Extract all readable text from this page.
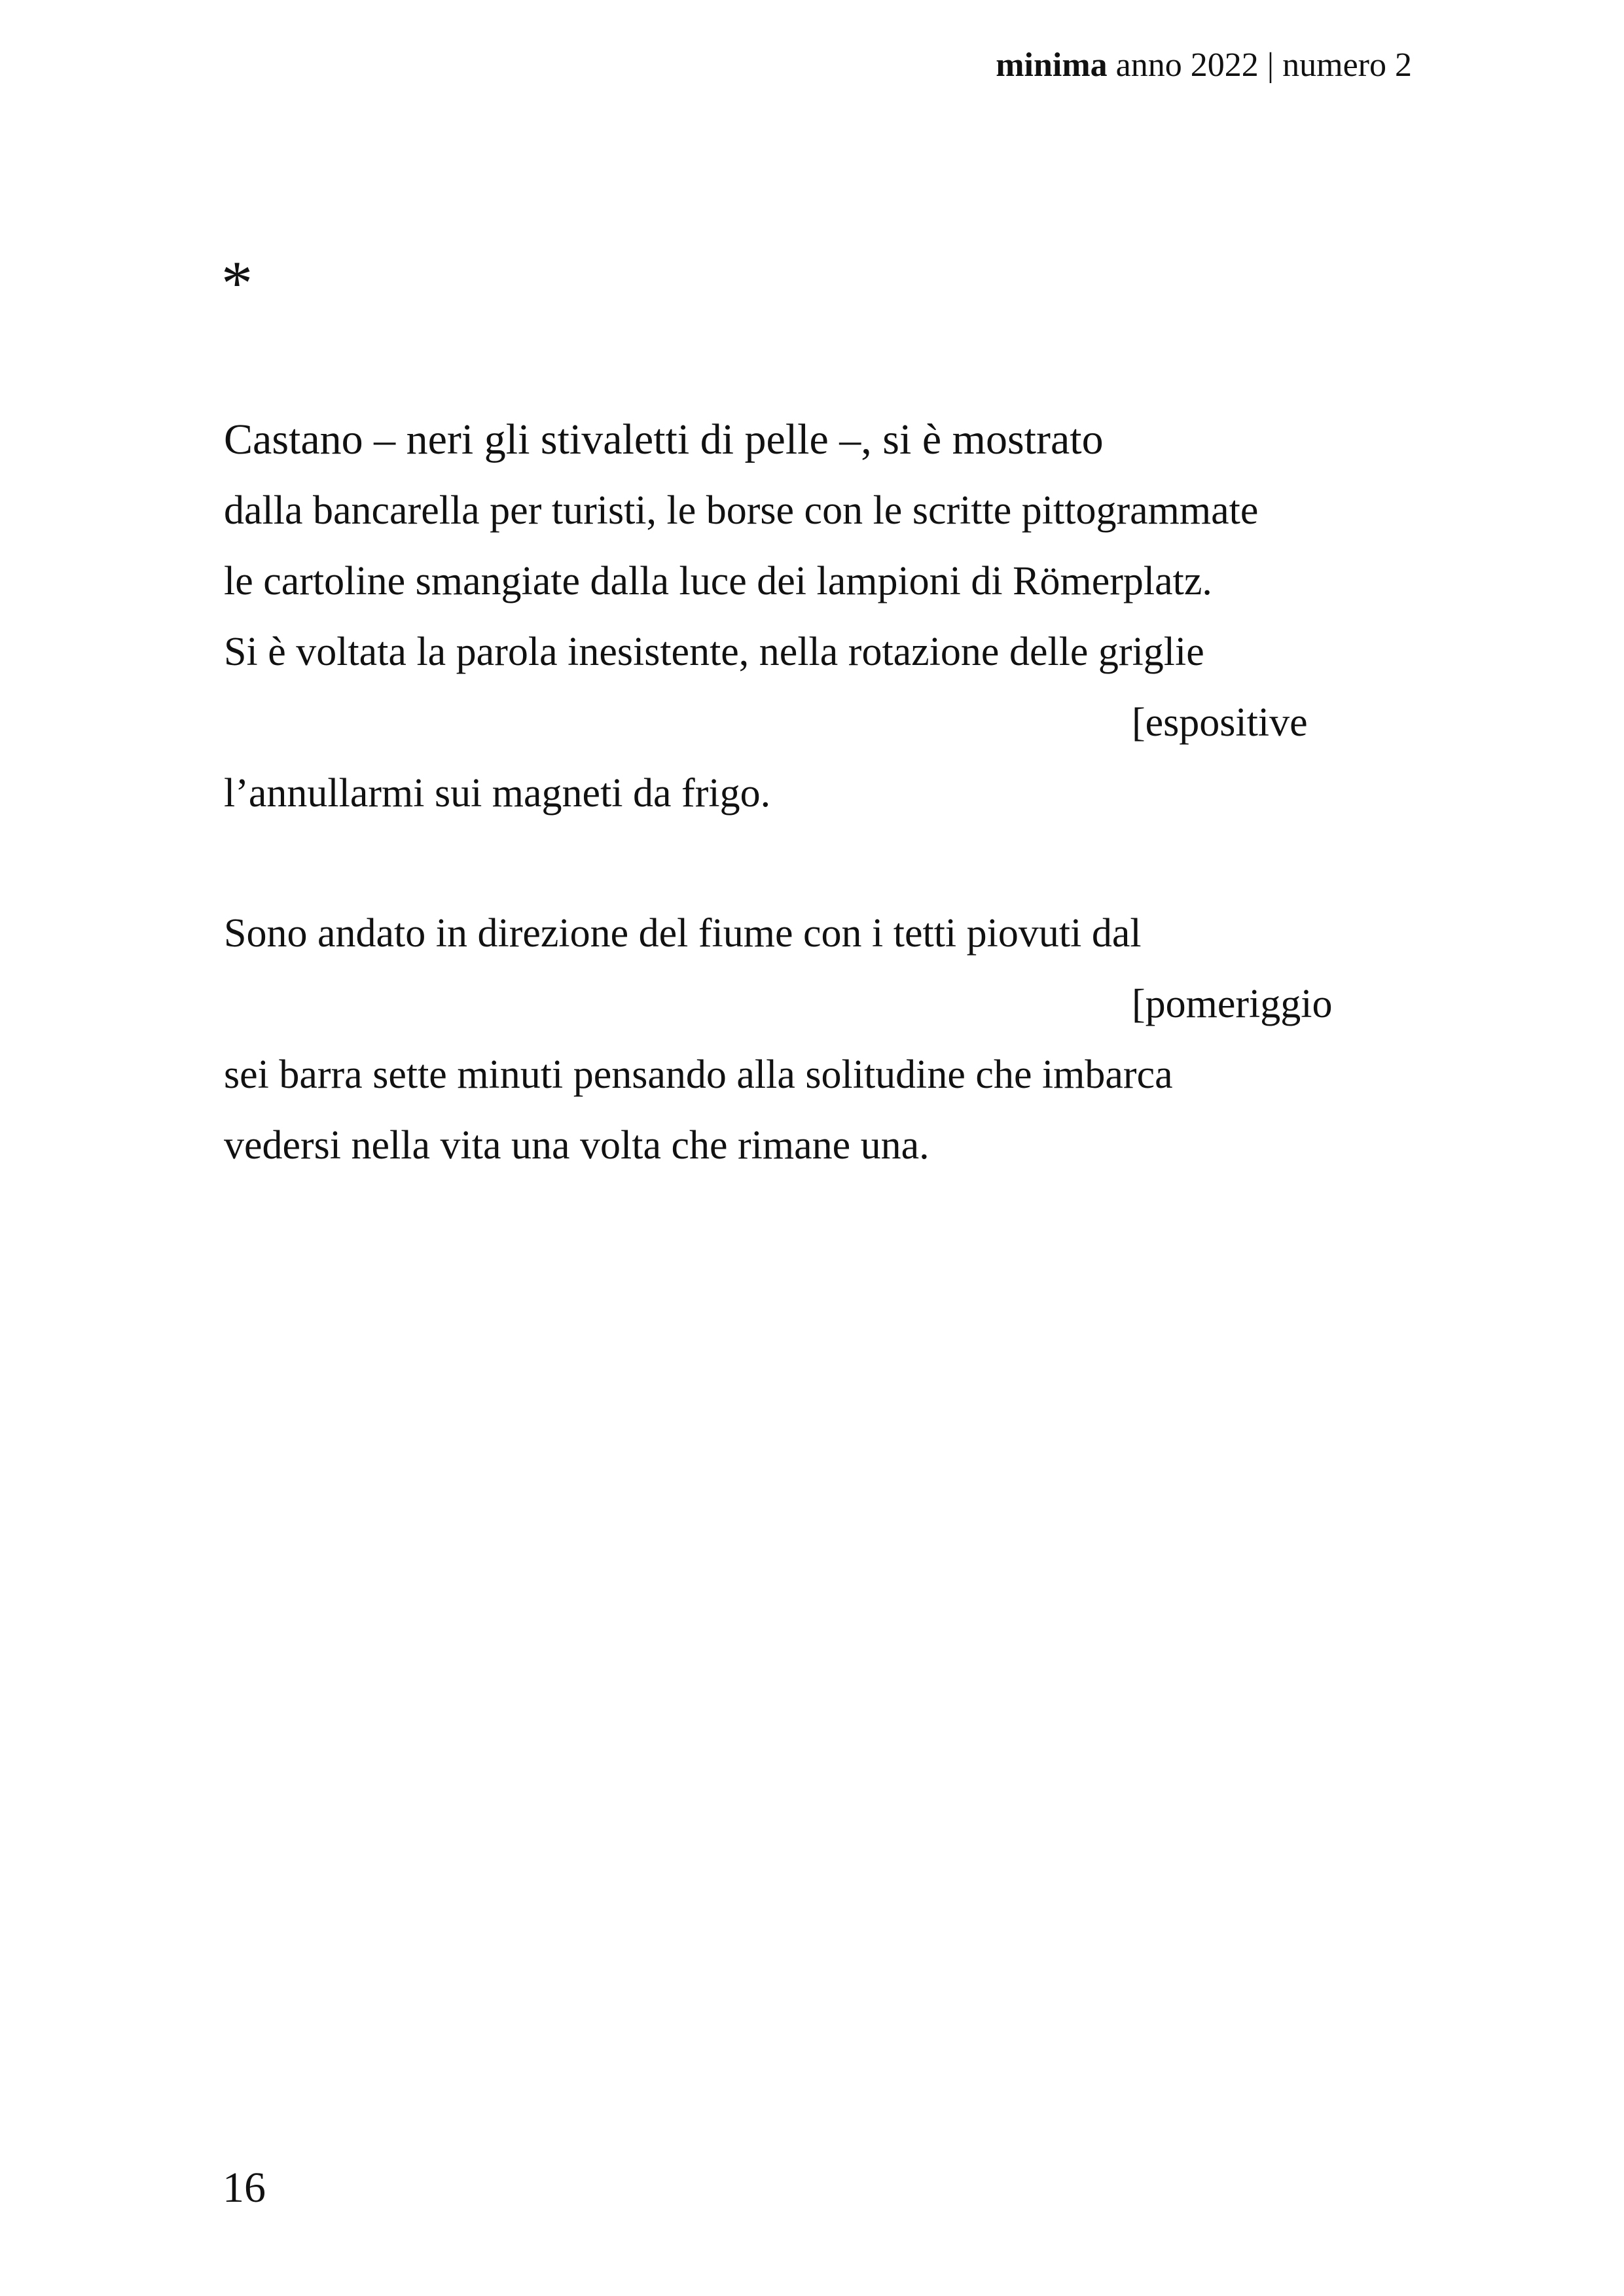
minima anno 2022 | numero 2
*
Castano – neri gli stivaletti di pelle –, si è mostrato
dalla bancarella per turisti, le borse con le scritte pittogrammate
le cartoline smangiate dalla luce dei lampioni di Römerplatz.
Si è voltata la parola inesistente, nella rotazione delle griglie
[espositive
l’annullarmi sui magneti da frigo.
Sono andato in direzione del fiume con i tetti piovuti dal
[pomeriggio
sei barra sette minuti pensando alla solitudine che imbarca
vedersi nella vita una volta che rimane una.
16
